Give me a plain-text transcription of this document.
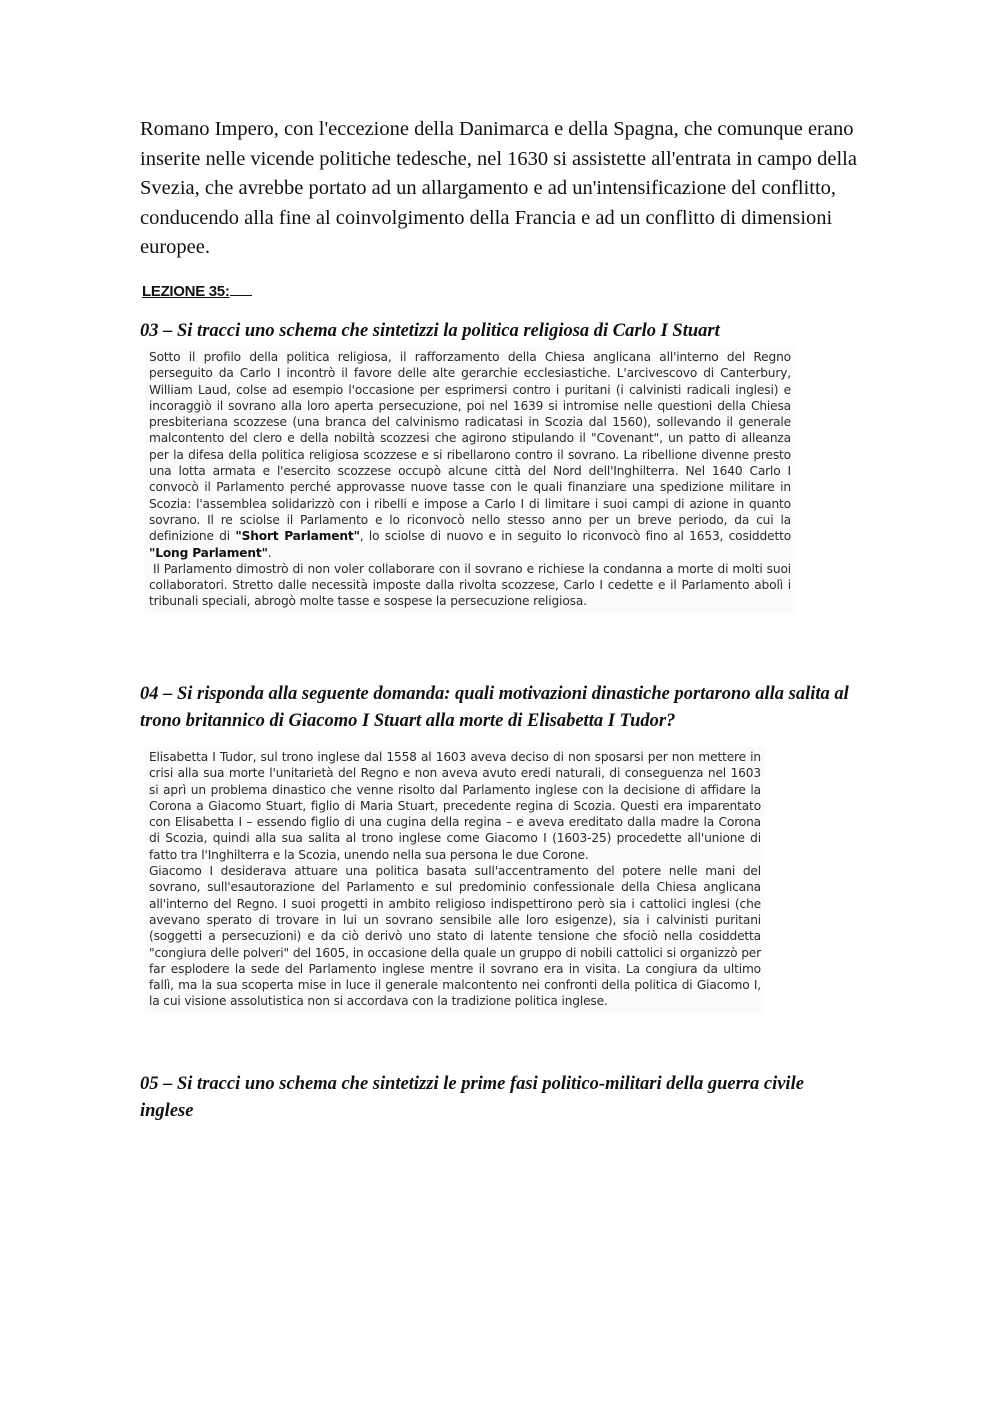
Romano Impero, con l'eccezione della Danimarca e della Spagna, che comunque erano inserite nelle vicende politiche tedesche, nel 1630 si assistette all'entrata in campo della Svezia, che avrebbe portato ad un allargamento e ad un'intensificazione del conflitto, conducendo alla fine al coinvolgimento della Francia e ad un conflitto di dimensioni europee.

LEZIONE 35:

03 – Si tracci uno schema che sintetizzi la politica religiosa di Carlo I Stuart

Sotto il profilo della politica religiosa, il rafforzamento della Chiesa anglicana all'interno del Regno perseguito da Carlo I incontrò il favore delle alte gerarchie ecclesiastiche. L'arcivescovo di Canterbury, William Laud, colse ad esempio l'occasione per esprimersi contro i puritani (i calvinisti radicali inglesi) e incoraggiò il sovrano alla loro aperta persecuzione, poi nel 1639 si intromise nelle questioni della Chiesa presbiteriana scozzese (una branca del calvinismo radicatasi in Scozia dal 1560), sollevando il generale malcontento del clero e della nobiltà scozzesi che agirono stipulando il "Covenant", un patto di alleanza per la difesa della politica religiosa scozzese e si ribellarono contro il sovrano. La ribellione divenne presto una lotta armata e l'esercito scozzese occupò alcune città del Nord dell'Inghilterra. Nel 1640 Carlo I convocò il Parlamento perché approvasse nuove tasse con le quali finanziare una spedizione militare in Scozia: l'assemblea solidarizzò con i ribelli e impose a Carlo I di limitare i suoi campi di azione in quanto sovrano. Il re sciolse il Parlamento e lo riconvocò nello stesso anno per un breve periodo, da cui la definizione di "Short Parlament", lo sciolse di nuovo e in seguito lo riconvocò fino al 1653, cosiddetto "Long Parlament".

Il Parlamento dimostrò di non voler collaborare con il sovrano e richiese la condanna a morte di molti suoi collaboratori. Stretto dalle necessità imposte dalla rivolta scozzese, Carlo I cedette e il Parlamento abolì i tribunali speciali, abrogò molte tasse e sospese la persecuzione religiosa.

04 – Si risponda alla seguente domanda: quali motivazioni dinastiche portarono alla salita al trono britannico di Giacomo I Stuart alla morte di Elisabetta I Tudor?

Elisabetta I Tudor, sul trono inglese dal 1558 al 1603 aveva deciso di non sposarsi per non mettere in crisi alla sua morte l'unitarietà del Regno e non aveva avuto eredi naturali, di conseguenza nel 1603 si aprì un problema dinastico che venne risolto dal Parlamento inglese con la decisione di affidare la Corona a Giacomo Stuart, figlio di Maria Stuart, precedente regina di Scozia. Questi era imparentato con Elisabetta I – essendo figlio di una cugina della regina – e aveva ereditato dalla madre la Corona di Scozia, quindi alla sua salita al trono inglese come Giacomo I (1603-25) procedette all'unione di fatto tra l'Inghilterra e la Scozia, unendo nella sua persona le due Corone.

Giacomo I desiderava attuare una politica basata sull'accentramento del potere nelle mani del sovrano, sull'esautorazione del Parlamento e sul predominio confessionale della Chiesa anglicana all'interno del Regno. I suoi progetti in ambito religioso indispettirono però sia i cattolici inglesi (che avevano sperato di trovare in lui un sovrano sensibile alle loro esigenze), sia i calvinisti puritani (soggetti a persecuzioni) e da ciò derivò uno stato di latente tensione che sfociò nella cosiddetta "congiura delle polveri" del 1605, in occasione della quale un gruppo di nobili cattolici si organizzò per far esplodere la sede del Parlamento inglese mentre il sovrano era in visita. La congiura da ultimo fallì, ma la sua scoperta mise in luce il generale malcontento nei confronti della politica di Giacomo I, la cui visione assolutistica non si accordava con la tradizione politica inglese.

05 – Si tracci uno schema che sintetizzi le prime fasi politico-militari della guerra civile inglese
